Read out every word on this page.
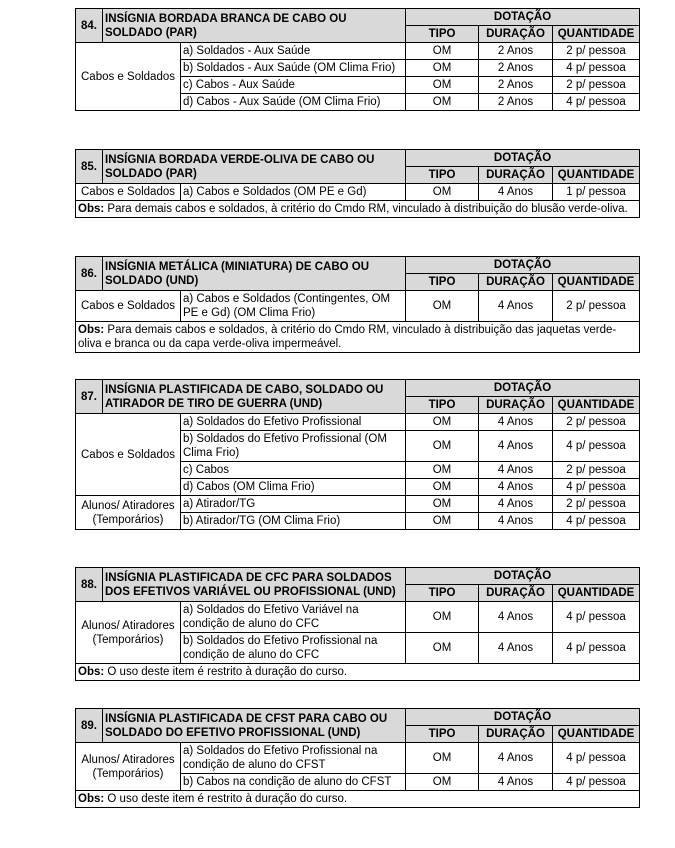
84.	INSÍGNIA BORDADA BRANCA DE CABO OU SOLDADO (PAR)		DOTAÇÃO		
			TIPO	DURAÇÃO	QUANTIDADE
Cabos e Soldados		a) Soldados - Aux Saúde	OM	2 Anos	2 p/ pessoa
		b) Soldados - Aux Saúde (OM Clima Frio)	OM	2 Anos	4 p/ pessoa
		c) Cabos - Aux Saúde	OM	2 Anos	2 p/ pessoa
		d) Cabos - Aux Saúde (OM Clima Frio)	OM	2 Anos	4 p/ pessoa
85.	INSÍGNIA BORDADA VERDE-OLIVA DE CABO OU SOLDADO (PAR)		DOTAÇÃO		
			TIPO	DURAÇÃO	QUANTIDADE
Cabos e Soldados		a) Cabos e Soldados (OM PE e Gd)	OM	4 Anos	1 p/ pessoa
Obs: Para demais cabos e soldados, à critério do Cmdo RM, vinculado à distribuição do blusão verde-oliva.					
86.	INSÍGNIA METÁLICA (MINIATURA) DE CABO OU SOLDADO (UND)		DOTAÇÃO		
			TIPO	DURAÇÃO	QUANTIDADE
Cabos e Soldados		a) Cabos e Soldados (Contingentes, OM PE e Gd) (OM Clima Frio)	OM	4 Anos	2 p/ pessoa
Obs: Para demais cabos e soldados, à critério do Cmdo RM, vinculado à distribuição das jaquetas verde-oliva e branca ou da capa verde-oliva impermeável.					
87.	INSÍGNIA PLASTIFICADA DE CABO, SOLDADO OU ATIRADOR DE TIRO DE GUERRA (UND)		DOTAÇÃO		
			TIPO	DURAÇÃO	QUANTIDADE
Cabos e Soldados		a) Soldados do Efetivo Profissional	OM	4 Anos	2 p/ pessoa
		b) Soldados do Efetivo Profissional (OM Clima Frio)	OM	4 Anos	4 p/ pessoa
		c) Cabos	OM	4 Anos	2 p/ pessoa
		d) Cabos (OM Clima Frio)	OM	4 Anos	4 p/ pessoa
Alunos/ Atiradores (Temporários)		a) Atirador/TG	OM	4 Anos	2 p/ pessoa
		b) Atirador/TG (OM Clima Frio)	OM	4 Anos	4 p/ pessoa
88.	INSÍGNIA PLASTIFICADA DE CFC PARA SOLDADOS DOS EFETIVOS VARIÁVEL OU PROFISSIONAL (UND)		DOTAÇÃO		
			TIPO	DURAÇÃO	QUANTIDADE
Alunos/ Atiradores (Temporários)		a) Soldados do Efetivo Variável na condição de aluno do CFC	OM	4 Anos	4 p/ pessoa
		b) Soldados do Efetivo Profissional na condição de aluno do CFC	OM	4 Anos	4 p/ pessoa
Obs: O uso deste item é restrito à duração do curso.					
89.	INSÍGNIA PLASTIFICADA DE CFST PARA CABO OU SOLDADO DO EFETIVO PROFISSIONAL (UND)		DOTAÇÃO		
			TIPO	DURAÇÃO	QUANTIDADE
Alunos/ Atiradores (Temporários)		a) Soldados do Efetivo Profissional na condição de aluno do CFST	OM	4 Anos	4 p/ pessoa
		b) Cabos na condição de aluno do CFST	OM	4 Anos	4 p/ pessoa
Obs: O uso deste item é restrito à duração do curso.					
